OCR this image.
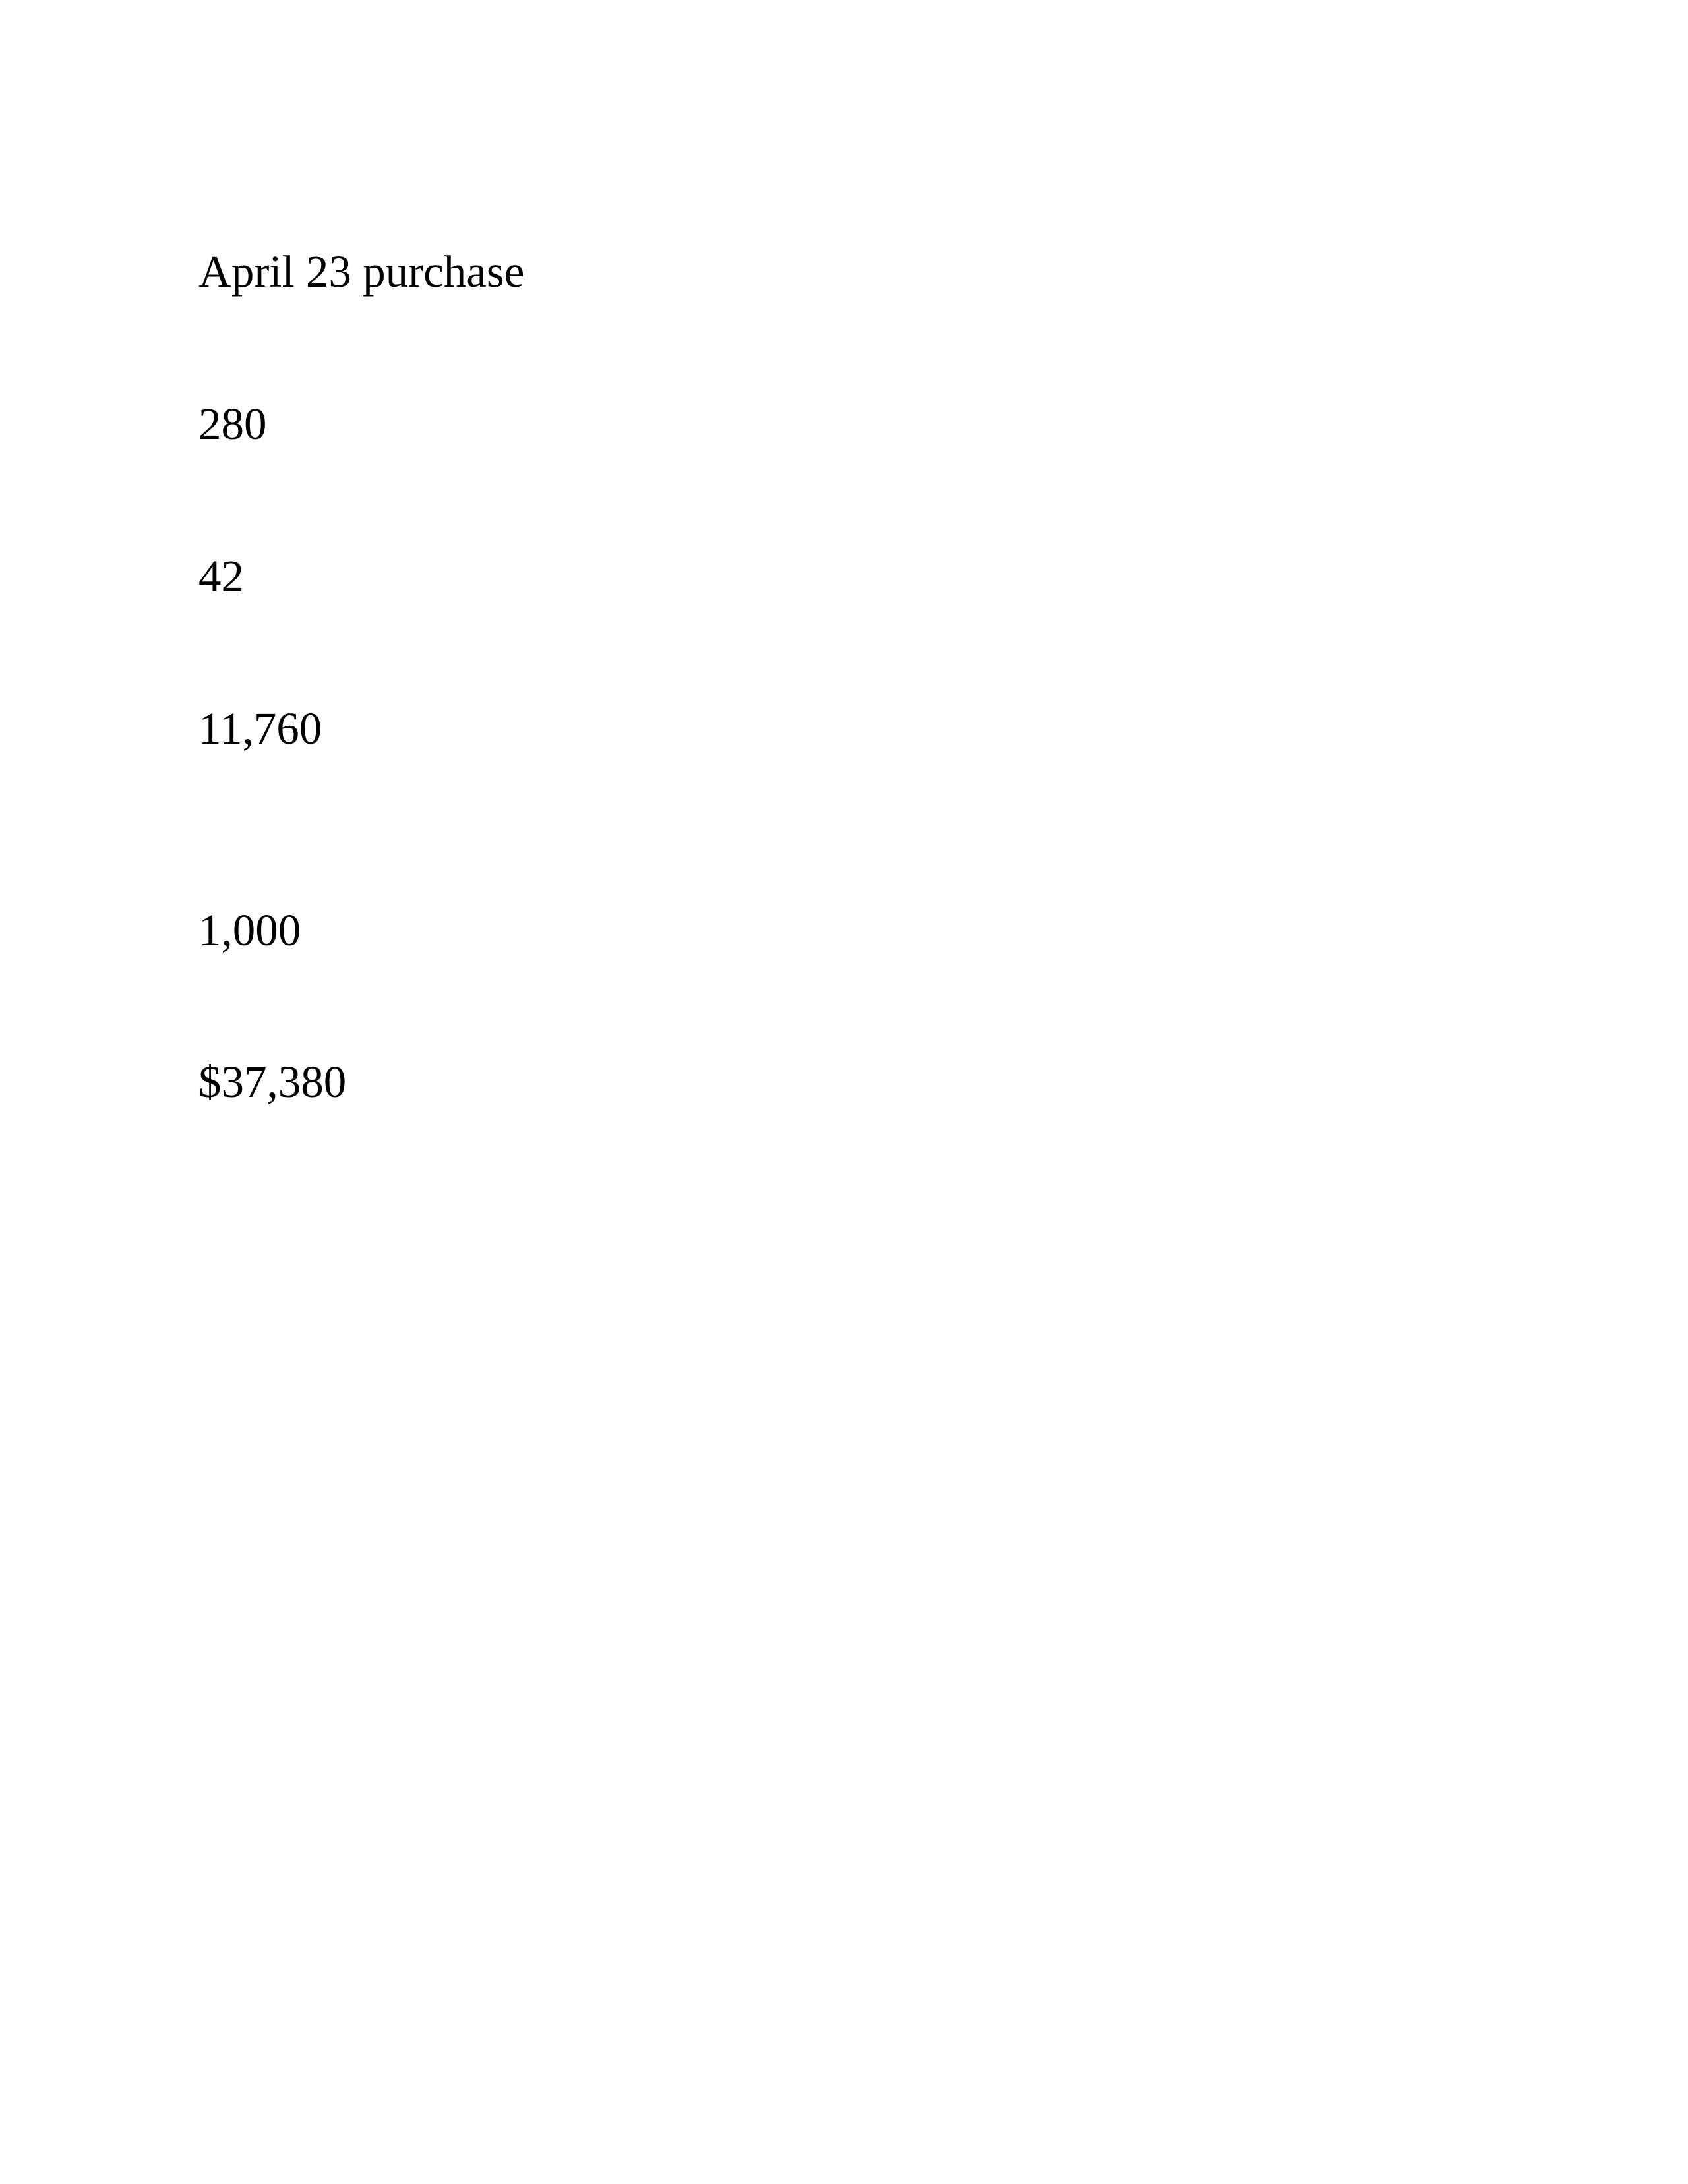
April 23 purchase
280
42
11,760
1,000
$37,380
